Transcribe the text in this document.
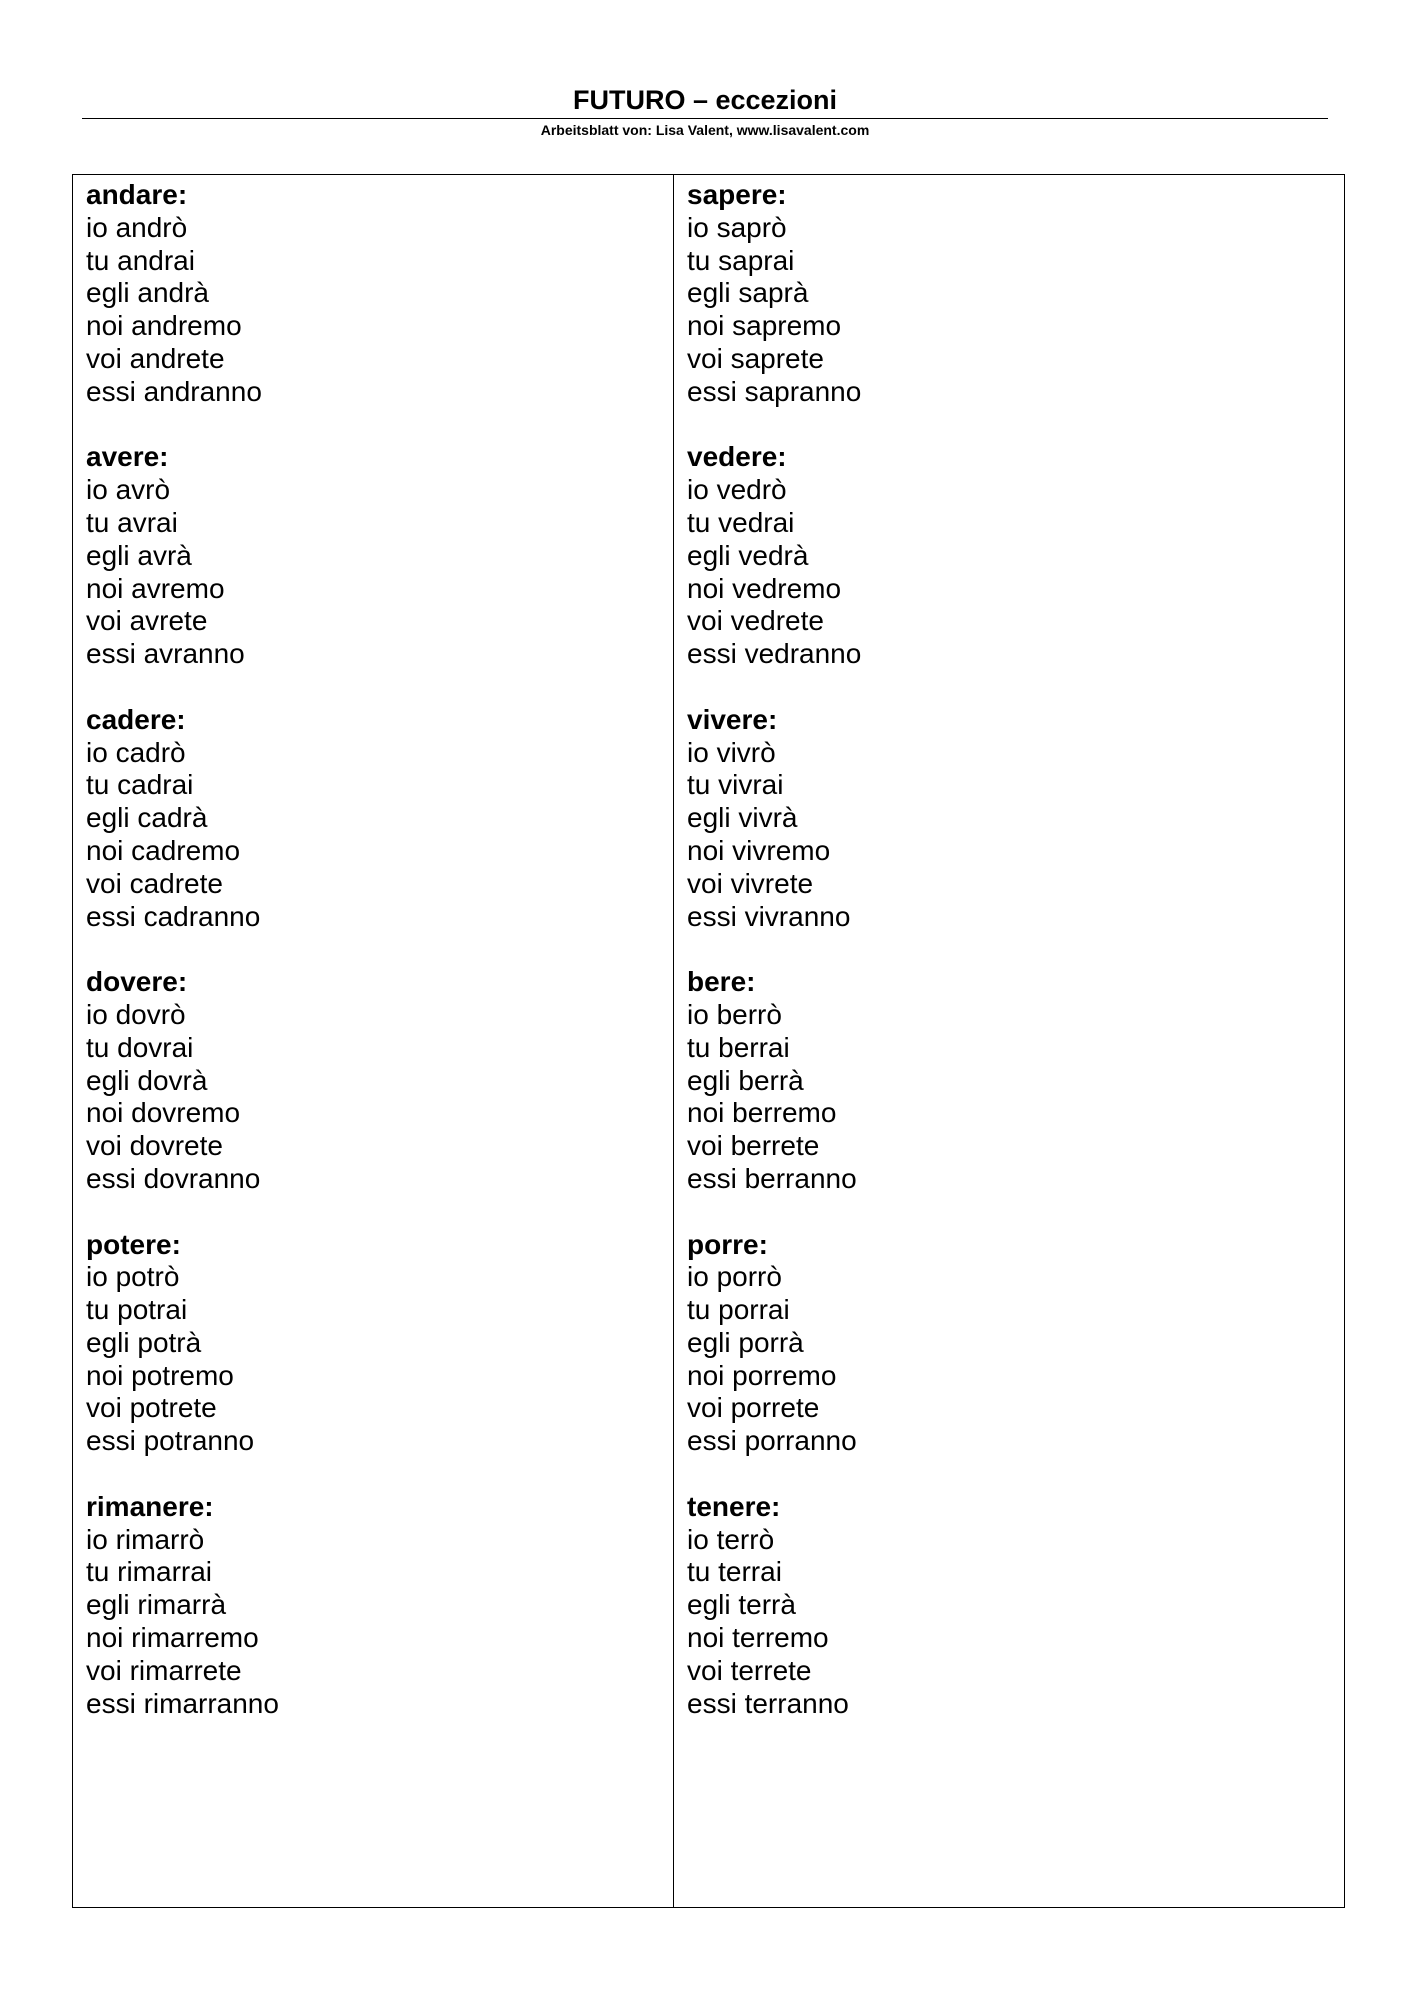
FUTURO – eccezioni
Arbeitsblatt von: Lisa Valent, www.lisavalent.com
andare:
io andrò
tu andrai
egli andrà
noi andremo
voi andrete
essi andranno
avere:
io avrò
tu avrai
egli avrà
noi avremo
voi avrete
essi avranno
cadere:
io cadrò
tu cadrai
egli cadrà
noi cadremo
voi cadrete
essi cadranno
dovere:
io dovrò
tu dovrai
egli dovrà
noi dovremo
voi dovrete
essi dovranno
potere:
io potrò
tu potrai
egli potrà
noi potremo
voi potrete
essi potranno
rimanere:
io rimarrò
tu rimarrai
egli rimarrà
noi rimarremo
voi rimarrete
essi rimarranno
sapere:
io saprò
tu saprai
egli saprà
noi sapremo
voi saprete
essi sapranno
vedere:
io vedrò
tu vedrai
egli vedrà
noi vedremo
voi vedrete
essi vedranno
vivere:
io vivrò
tu vivrai
egli vivrà
noi vivremo
voi vivrete
essi vivranno
bere:
io berrò
tu berrai
egli berrà
noi berremo
voi berrete
essi berranno
porre:
io porrò
tu porrai
egli porrà
noi porremo
voi porrete
essi porranno
tenere:
io terrò
tu terrai
egli terrà
noi terremo
voi terrete
essi terranno
